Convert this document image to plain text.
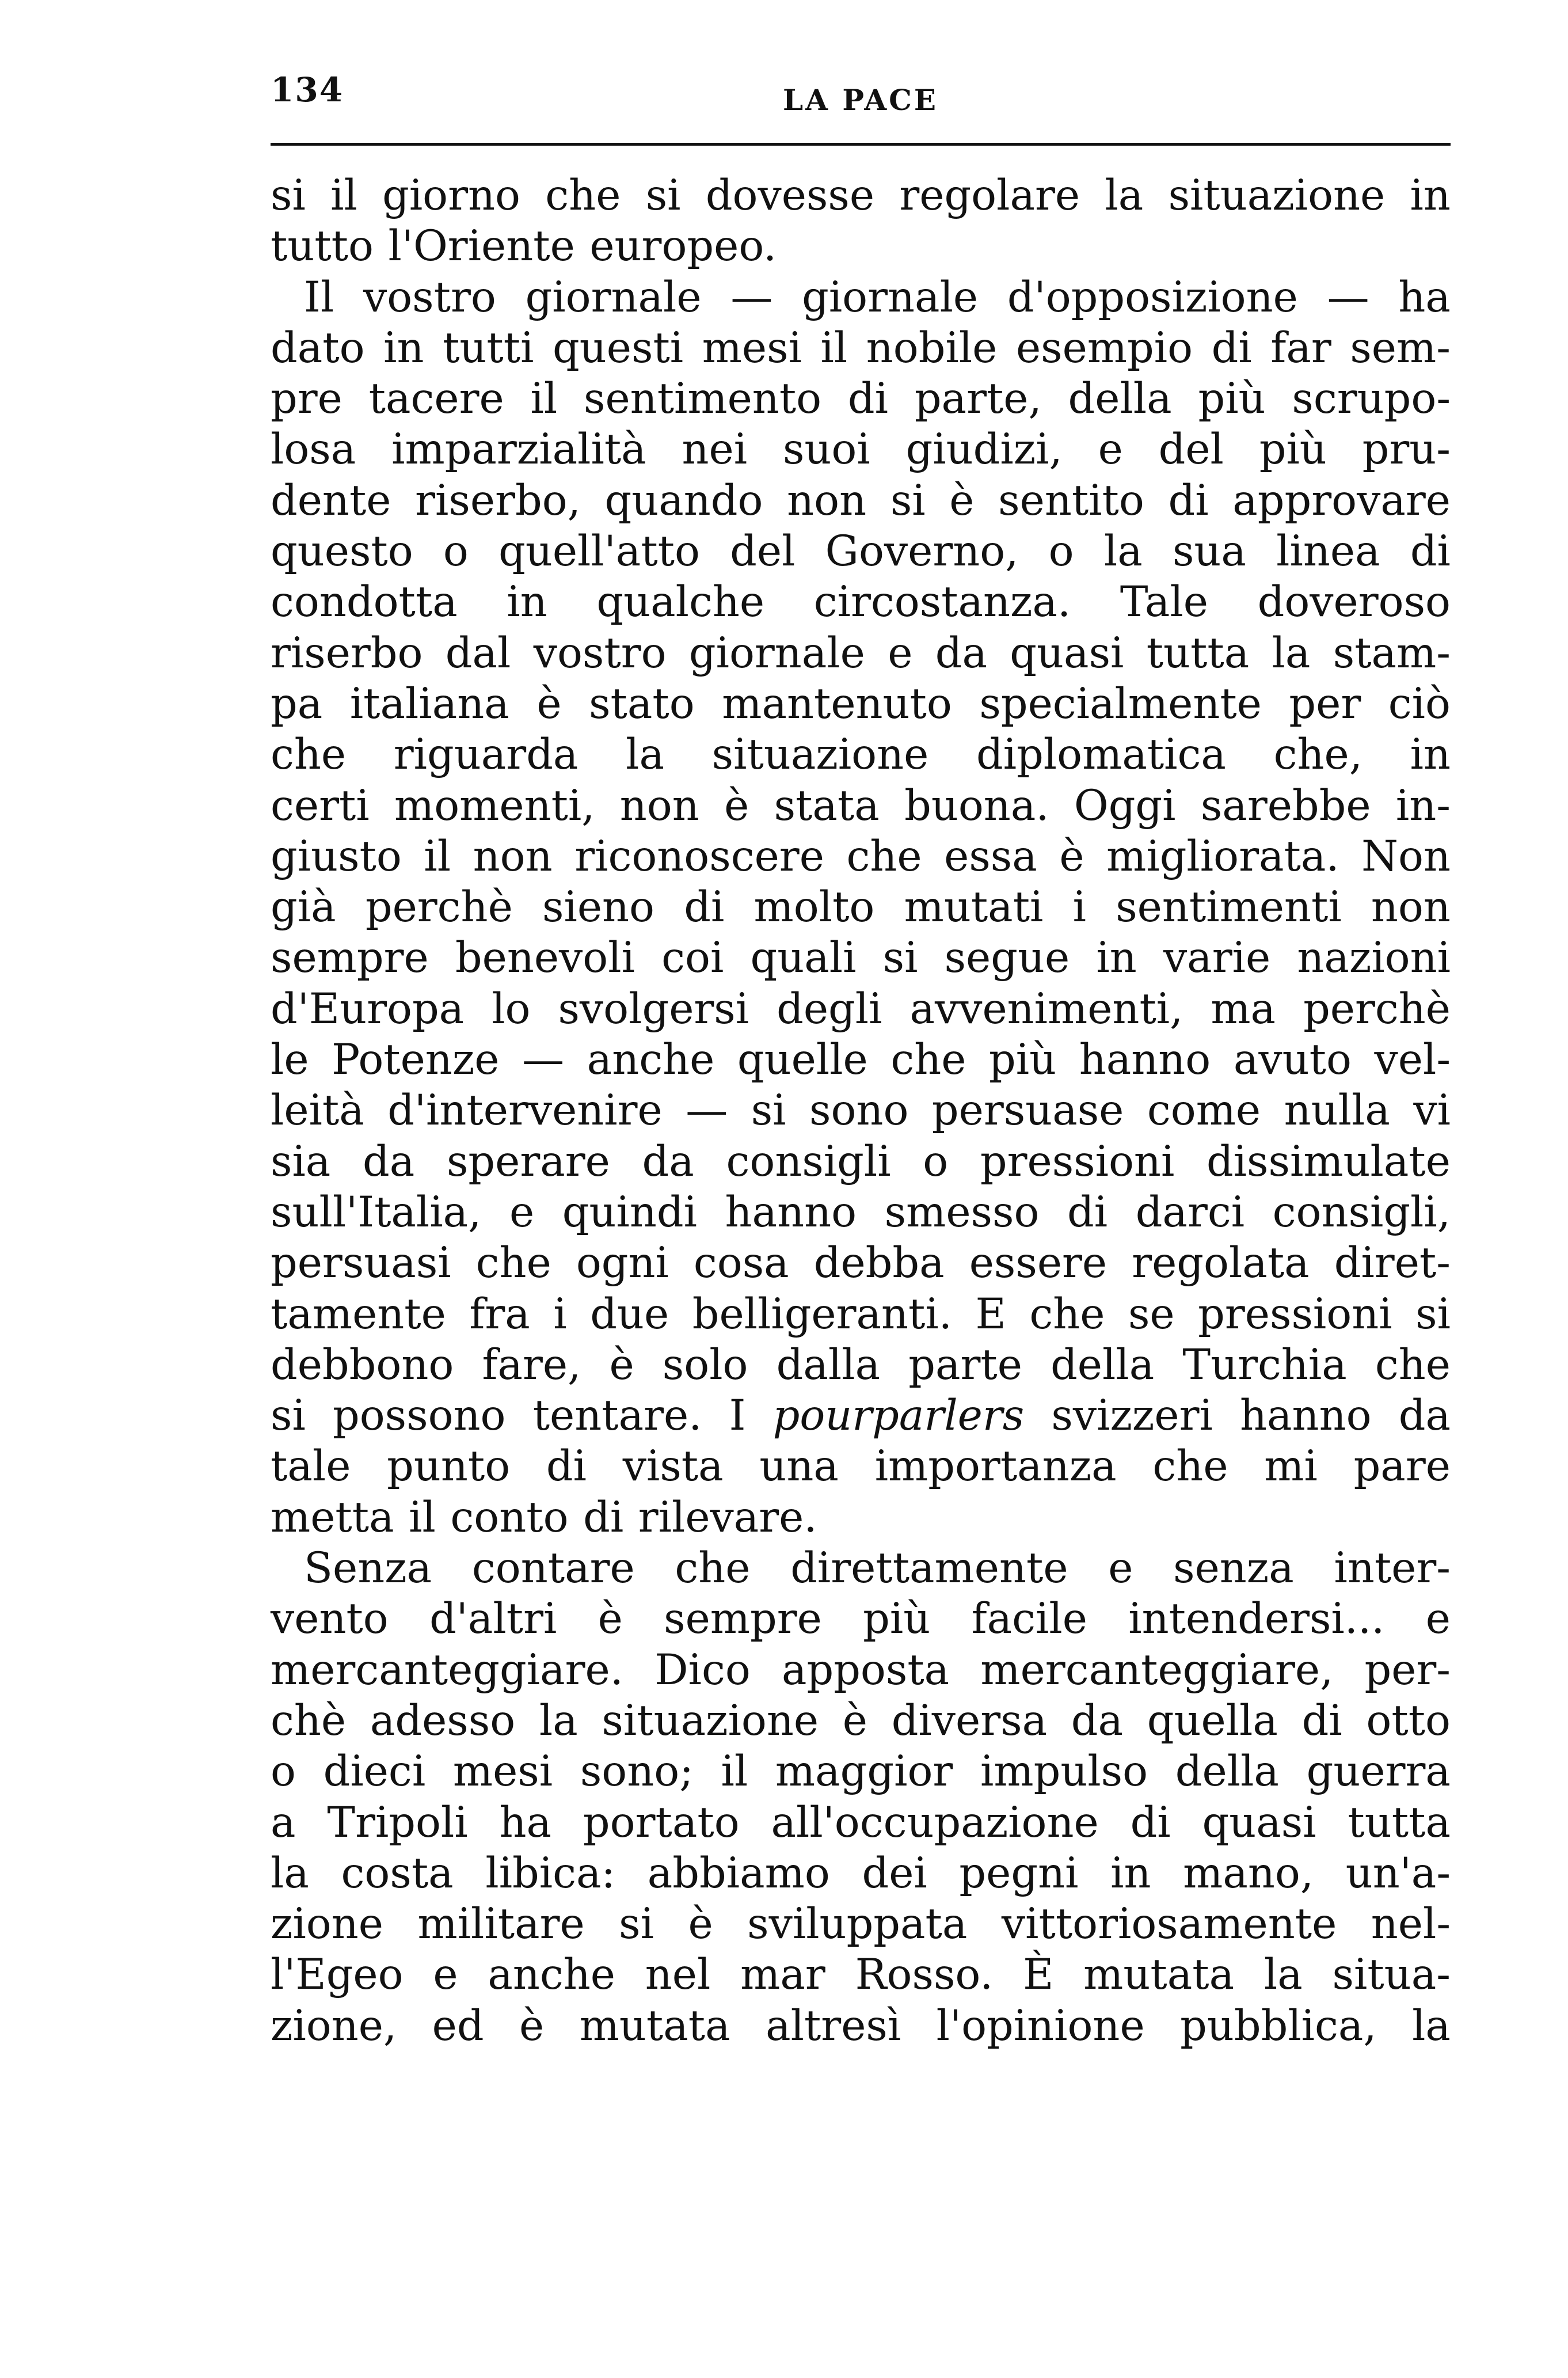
134	LA PACE
si il giorno che si dovesse regolare la situazione in
tutto l'Oriente europeo.
Il vostro giornale — giornale d'opposizione — ha
dato in tutti questi mesi il nobile esempio di far sem-
pre tacere il sentimento di parte, della più scrupo-
losa imparzialità nei suoi giudizi, e del più pru-
dente riserbo, quando non si è sentito di approvare
questo o quell'atto del Governo, o la sua linea di
condotta in qualche circostanza. Tale doveroso
riserbo dal vostro giornale e da quasi tutta la stam-
pa italiana è stato mantenuto specialmente per ciò
che riguarda la situazione diplomatica che, in
certi momenti, non è stata buona. Oggi sarebbe in-
giusto il non riconoscere che essa è migliorata. Non
già perchè sieno di molto mutati i sentimenti non
sempre benevoli coi quali si segue in varie nazioni
d'Europa lo svolgersi degli avvenimenti, ma perchè
le Potenze — anche quelle che più hanno avuto vel-
leità d'intervenire — si sono persuase come nulla vi
sia da sperare da consigli o pressioni dissimulate
sull'Italia, e quindi hanno smesso di darci consigli,
persuasi che ogni cosa debba essere regolata diret-
tamente fra i due belligeranti. E che se pressioni si
debbono fare, è solo dalla parte della Turchia che
si possono tentare. I pourparlers svizzeri hanno da
tale punto di vista una importanza che mi pare
metta il conto di rilevare.
Senza contare che direttamente e senza inter-
vento d'altri è sempre più facile intendersi... e
mercanteggiare. Dico apposta mercanteggiare, per-
chè adesso la situazione è diversa da quella di otto
o dieci mesi sono; il maggior impulso della guerra
a Tripoli ha portato all'occupazione di quasi tutta
la costa libica: abbiamo dei pegni in mano, un'a-
zione militare si è sviluppata vittoriosamente nel-
l'Egeo e anche nel mar Rosso. È mutata la situa-
zione, ed è mutata altresì l'opinione pubblica, la
